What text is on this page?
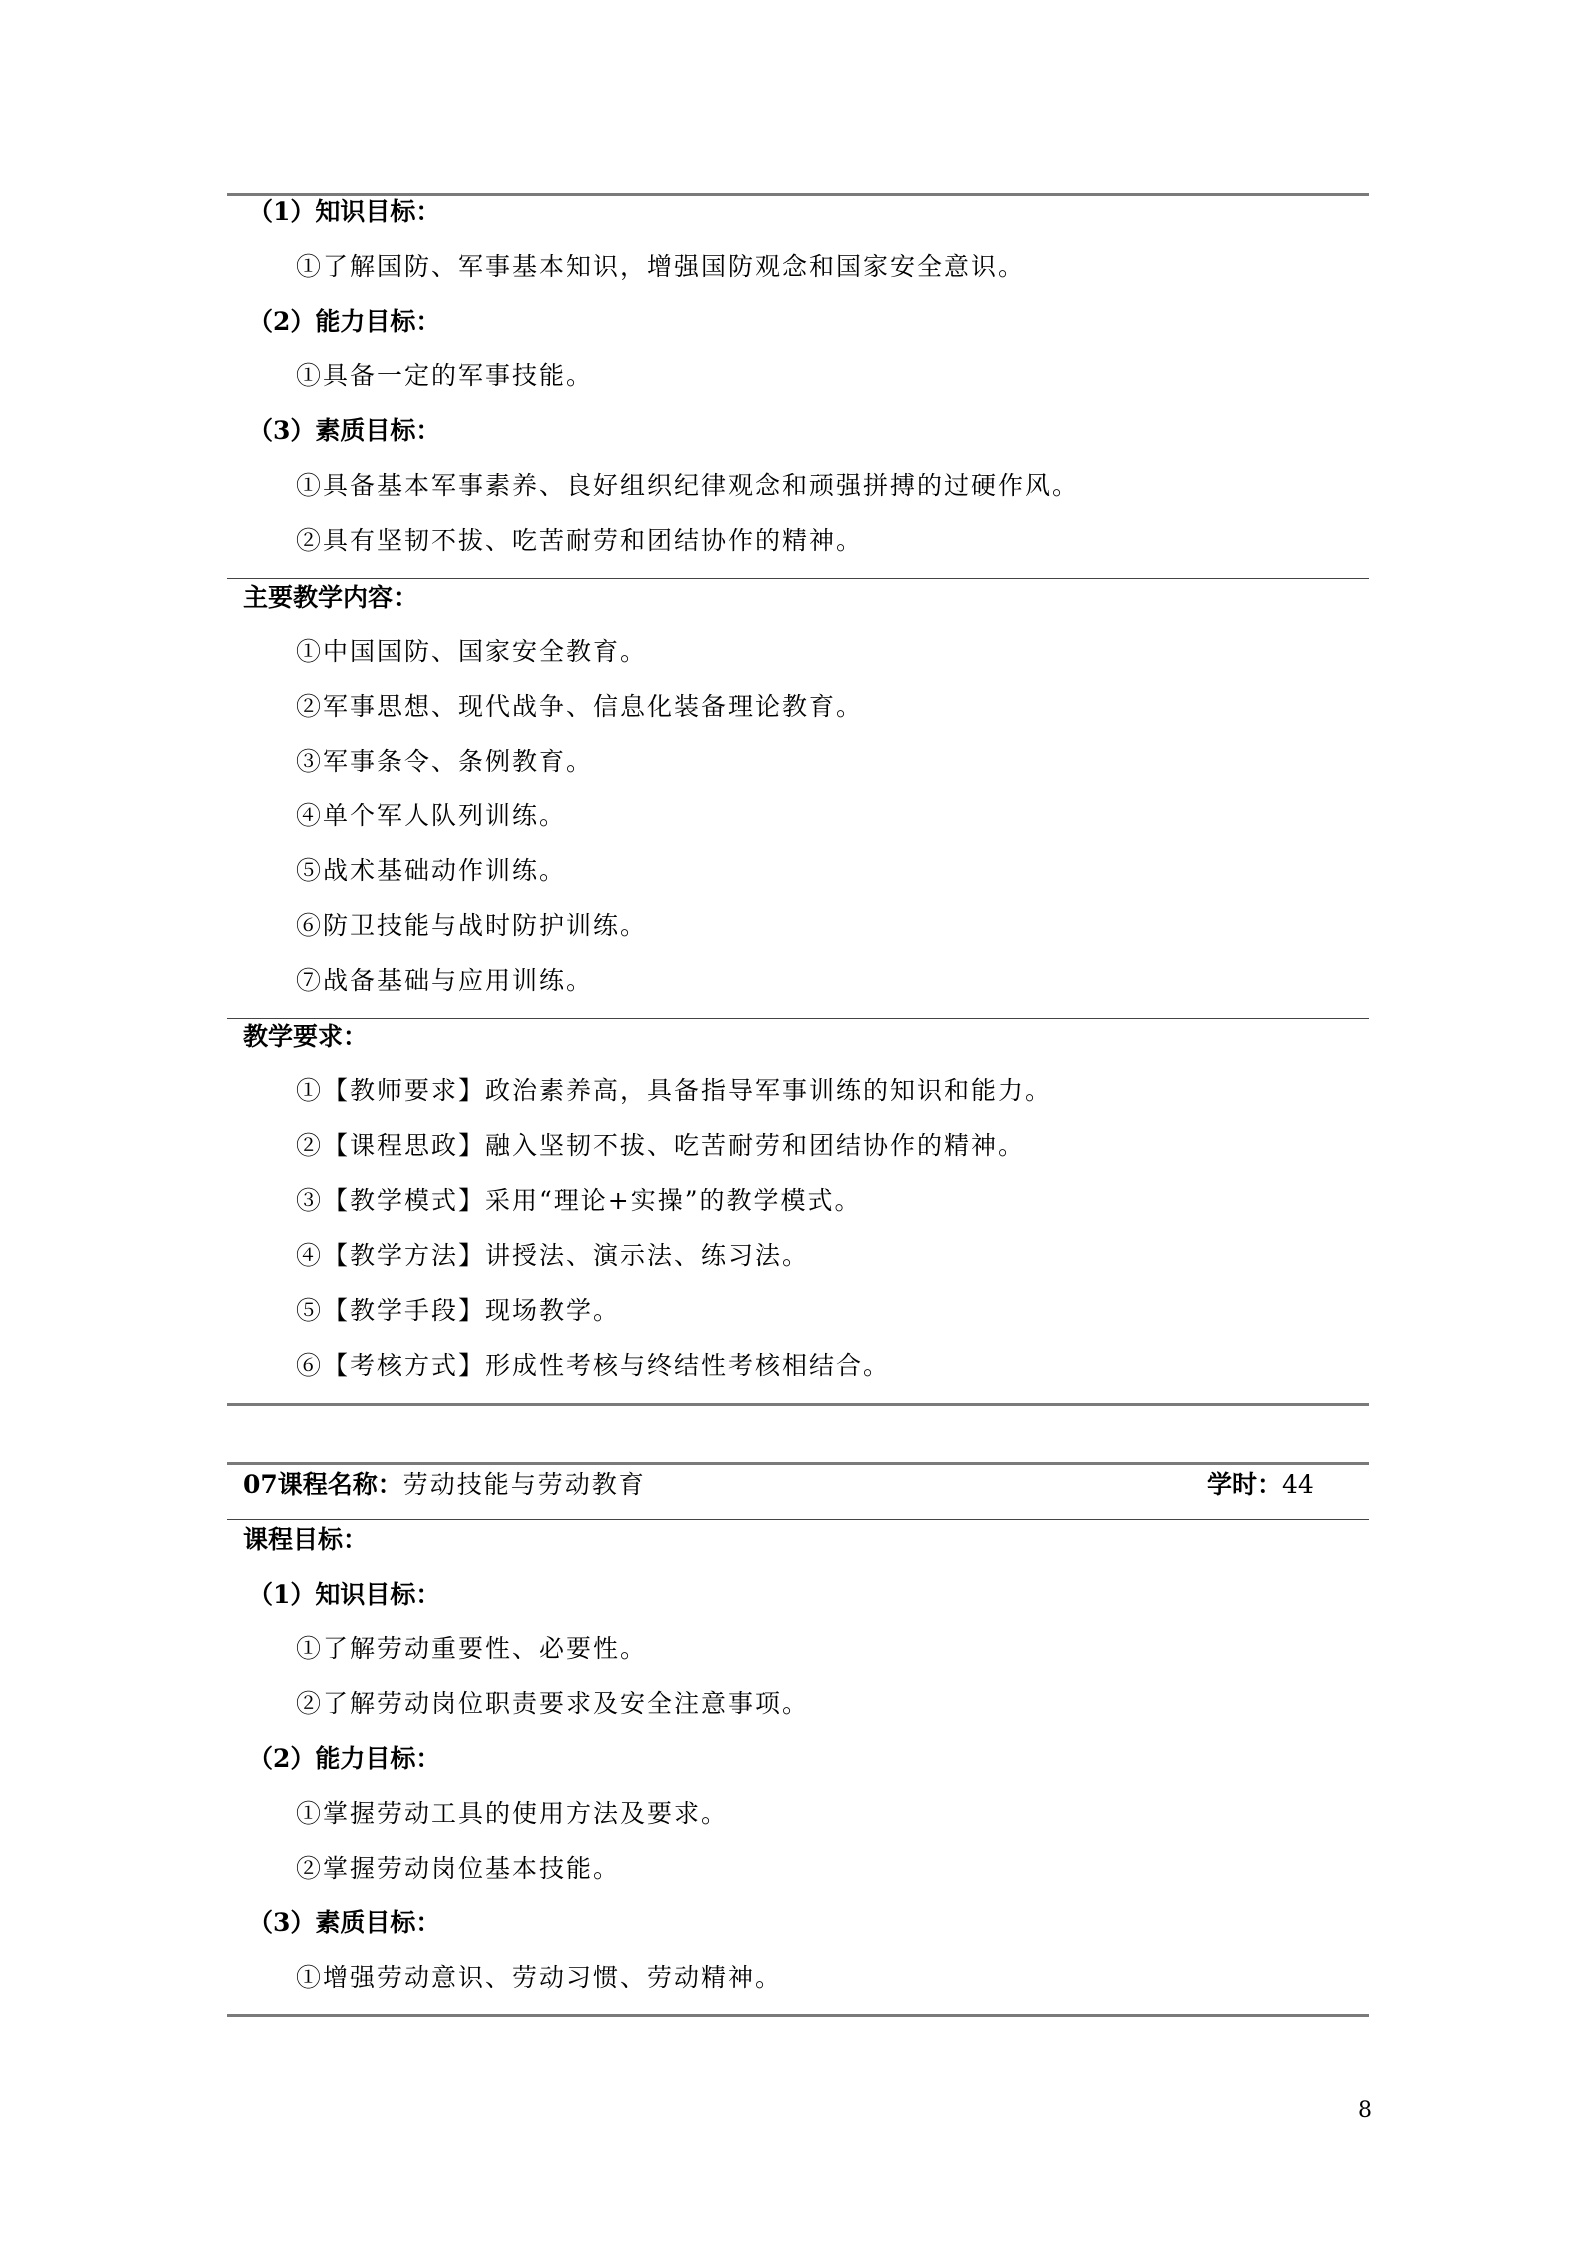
（1）知识目标：
①了解国防、军事基本知识，增强国防观念和国家安全意识。
（2）能力目标：
①具备一定的军事技能。
（3）素质目标：
①具备基本军事素养、良好组织纪律观念和顽强拼搏的过硬作风。
②具有坚韧不拔、吃苦耐劳和团结协作的精神。
主要教学内容：
①中国国防、国家安全教育。
②军事思想、现代战争、信息化装备理论教育。
③军事条令、条例教育。
④单个军人队列训练。
⑤战术基础动作训练。
⑥防卫技能与战时防护训练。
⑦战备基础与应用训练。
教学要求：
①【教师要求】政治素养高，具备指导军事训练的知识和能力。
②【课程思政】融入坚韧不拔、吃苦耐劳和团结协作的精神。
③【教学模式】采用“理论+实操”的教学模式。
④【教学方法】讲授法、演示法、练习法。
⑤【教学手段】现场教学。
⑥【考核方式】形成性考核与终结性考核相结合。
07课程名称：劳动技能与劳动教育	学时：44
课程目标：
（1）知识目标：
①了解劳动重要性、必要性。
②了解劳动岗位职责要求及安全注意事项。
（2）能力目标：
①掌握劳动工具的使用方法及要求。
②掌握劳动岗位基本技能。
（3）素质目标：
①增强劳动意识、劳动习惯、劳动精神。
8
